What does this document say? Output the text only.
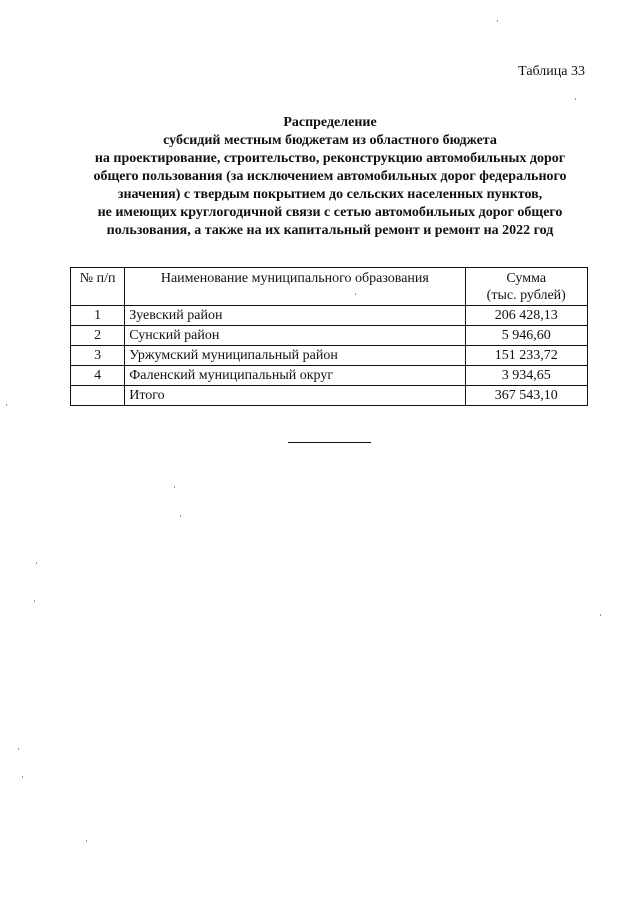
Таблица 33
Распределение
субсидий местным бюджетам из областного бюджета
на проектирование, строительство, реконструкцию автомобильных дорог
общего пользования (за исключением автомобильных дорог федерального
значения) с твердым покрытием до сельских населенных пунктов,
не имеющих круглогодичной связи с сетью автомобильных дорог общего
пользования, а также на их капитальный ремонт и ремонт на 2022 год
№ п/п	Наименование муниципального образования	Сумма
(тыс. рублей)

1	Зуевский район	206 428,13
2	Сунский район	5 946,60
3	Уржумский муниципальный район	151 233,72
4	Фаленский муниципальный округ	3 934,65
	Итого	367 543,10
